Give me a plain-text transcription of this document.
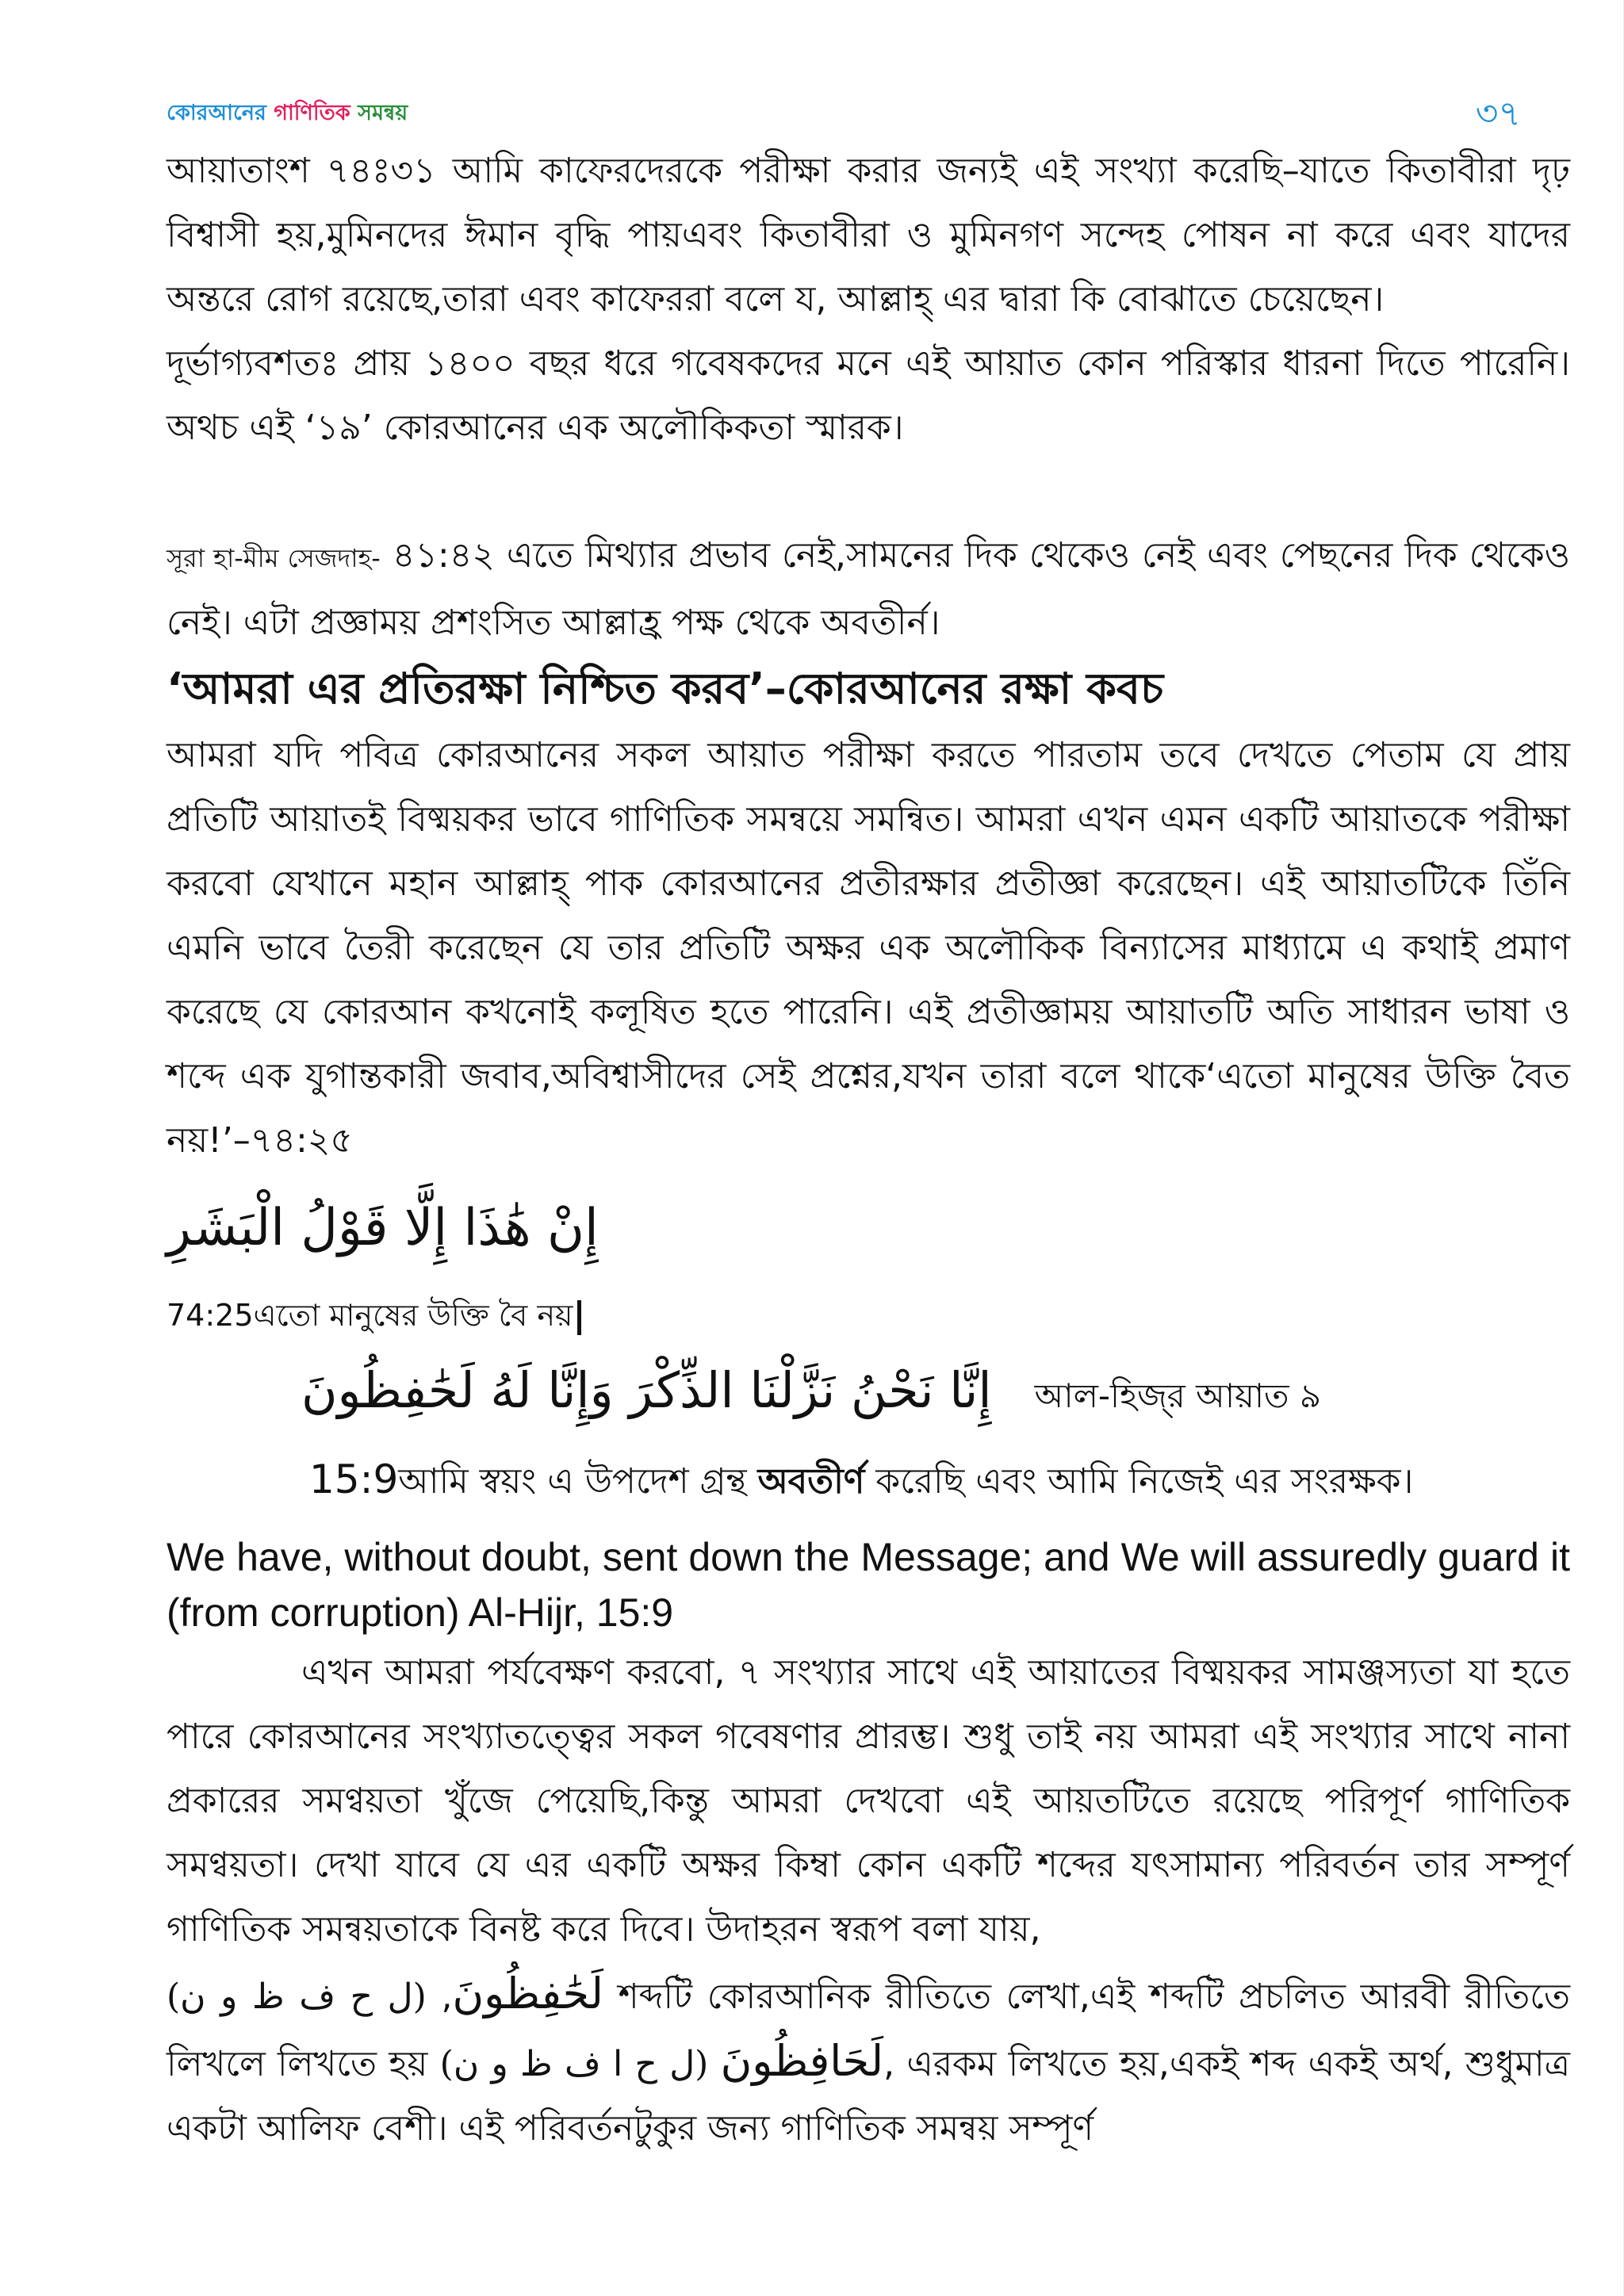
কোরআনের গাণিতিক সমন্বয়	৩৭

আয়াতাংশ ৭৪ঃ৩১ আমি কাফেরদেরকে পরীক্ষা করার জন্যই এই সংখ্যা করেছি–যাতে কিতাবীরা দৃঢ় বিশ্বাসী হয়,মুমিনদের ঈমান বৃদ্ধি পায়এবং কিতাবীরা ও মুমিনগণ সন্দেহ পোষন না করে এবং যাদের অন্তরে রোগ রয়েছে,তারা এবং কাফেররা বলে য, আল্লাহ্ এর দ্বারা কি বোঝাতে চেয়েছেন।

দূর্ভাগ্যবশতঃ প্রায় ১৪০০ বছর ধরে গবেষকদের মনে এই আয়াত কোন পরিস্কার ধারনা দিতে পারেনি। অথচ এই ‘১৯’ কোরআনের এক অলৌকিকতা স্মারক।

সূরা হা-মীম সেজদাহ- ৪১:৪২ এতে মিথ্যার প্রভাব নেই,সামনের দিক থেকেও নেই এবং পেছনের দিক থেকেও নেই। এটা প্রজ্ঞাময় প্রশংসিত আল্লাহ্র পক্ষ থেকে অবতীর্ন।

‘আমরা এর প্রতিরক্ষা নিশ্চিত করব’–কোরআনের রক্ষা কবচ

আমরা যদি পবিত্র কোরআনের সকল আয়াত পরীক্ষা করতে পারতাম তবে দেখতে পেতাম যে প্রায় প্রতিটি আয়াতই বিষ্ময়কর ভাবে গাণিতিক সমন্বয়ে সমন্বিত। আমরা এখন এমন একটি আয়াতকে পরীক্ষা করবো যেখানে মহান আল্লাহ্ পাক কোরআনের প্রতীরক্ষার প্রতীজ্ঞা করেছেন। এই আয়াতটিকে তিঁনি এমনি ভাবে তৈরী করেছেন যে তার প্রতিটি অক্ষর এক অলৌকিক বিন্যাসের মাধ্যামে এ কথাই প্রমাণ করেছে যে কোরআন কখনোই কলূষিত হতে পারেনি। এই প্রতীজ্ঞাময় আয়াতটি অতি সাধারন ভাষা ও শব্দে এক যুগান্তকারী জবাব,অবিশ্বাসীদের সেই প্রশ্নের,যখন তারা বলে থাকে‘এতো মানুষের উক্তি বৈত নয়!’–৭৪:২৫

إِنْ هَٰذَا إِلَّا قَوْلُ الْبَشَرِ

74:25এতো মানুষের উক্তি বৈ নয়

إِنَّا نَحْنُ نَزَّلْنَا الذِّكْرَ وَإِنَّا لَهُ لَحَٰفِظُونَ আল-হিজ্‌র আয়াত ৯
15:9আমি স্বয়ং এ উপদেশ গ্রন্থ অবতীর্ণ করেছি এবং আমি নিজেই এর সংরক্ষক।

We have, without doubt, sent down the Message; and We will assuredly guard it (from corruption) Al-Hijr, 15:9

এখন আমরা পর্যবেক্ষণ করবো, ৭ সংখ্যার সাথে এই আয়াতের বিষ্ময়কর সামঞ্জস্যতা যা হতে পারে কোরআনের সংখ্যাতত্ত্বের সকল গবেষণার প্রারম্ভ। শুধু তাই নয় আমরা এই সংখ্যার সাথে নানা প্রকারের সমণ্বয়তা খুঁজে পেয়েছি,কিন্তু আমরা দেখবো এই আয়তটিতে রয়েছে পরিপূর্ণ গাণিতিক সমণ্বয়তা। দেখা যাবে যে এর একটি অক্ষর কিম্বা কোন একটি শব্দের যৎসামান্য পরিবর্তন তার সম্পূর্ণ গাণিতিক সমন্বয়তাকে বিনষ্ট করে দিবে। উদাহরন স্বরূপ বলা যায়,

لَحَٰفِظُونَ, (ل ح ف ظ و ن)	শব্দটি কোরআনিক রীতিতে লেখা,এই শব্দটি প্রচলিত আরবী রীতিতে লিখলে লিখতে হয়	لَحَافِظُونَ (ل ح ا ف ظ و ن)	, এরকম লিখতে হয়,একই শব্দ একই অর্থ, শুধুমাত্র একটা আলিফ বেশী। এই পরিবর্তনটুকুর জন্য গাণিতিক সমন্বয় সম্পূর্ণ
